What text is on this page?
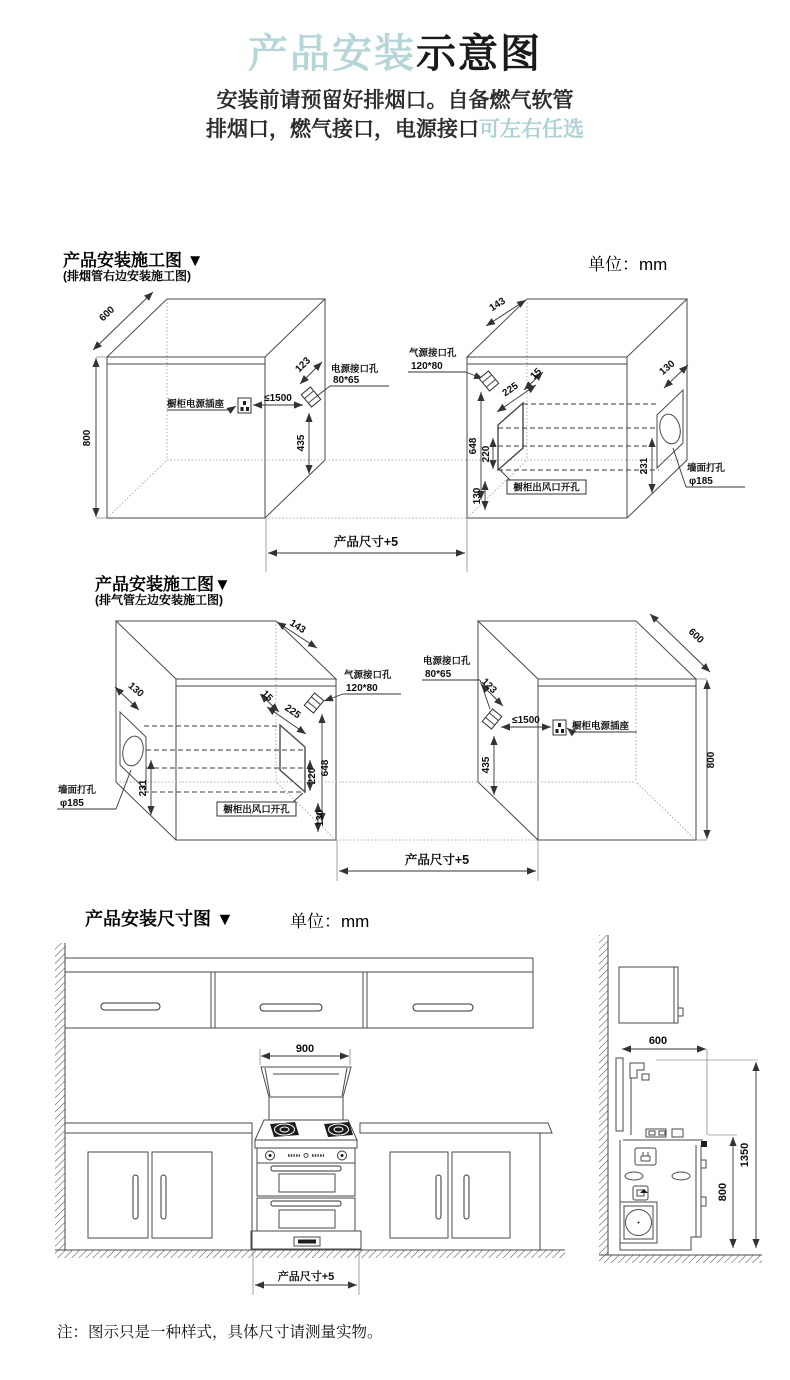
产品安装示意图
安装前请预留好排烟口。自备燃气软管
排烟口，燃气接口，电源接口可左右任选
产品安装施工图 ▼
(排烟管右边安装施工图)
单位：mm
600
800
橱柜电源插座
≤1500
123 电源接口孔
80*65
435
143
气源接口孔
120*80	15
225
648 220
130	橱柜出风口开孔
130
231	墙面打孔
φ185
产品尺寸+5
产品安装施工图▼
(排气管左边安装施工图)
143
气源接口孔
120*80
15
225
648
220
130
橱柜出风口开孔
130
231
墙面打孔
φ185
600
800
橱柜电源插座
≤1500
123
电源接口孔
80*65
435
产品尺寸+5
产品安装尺寸图 ▼	单位：mm
900
产品尺寸+5
600
1350
800
注：图示只是一种样式，具体尺寸请测量实物。
